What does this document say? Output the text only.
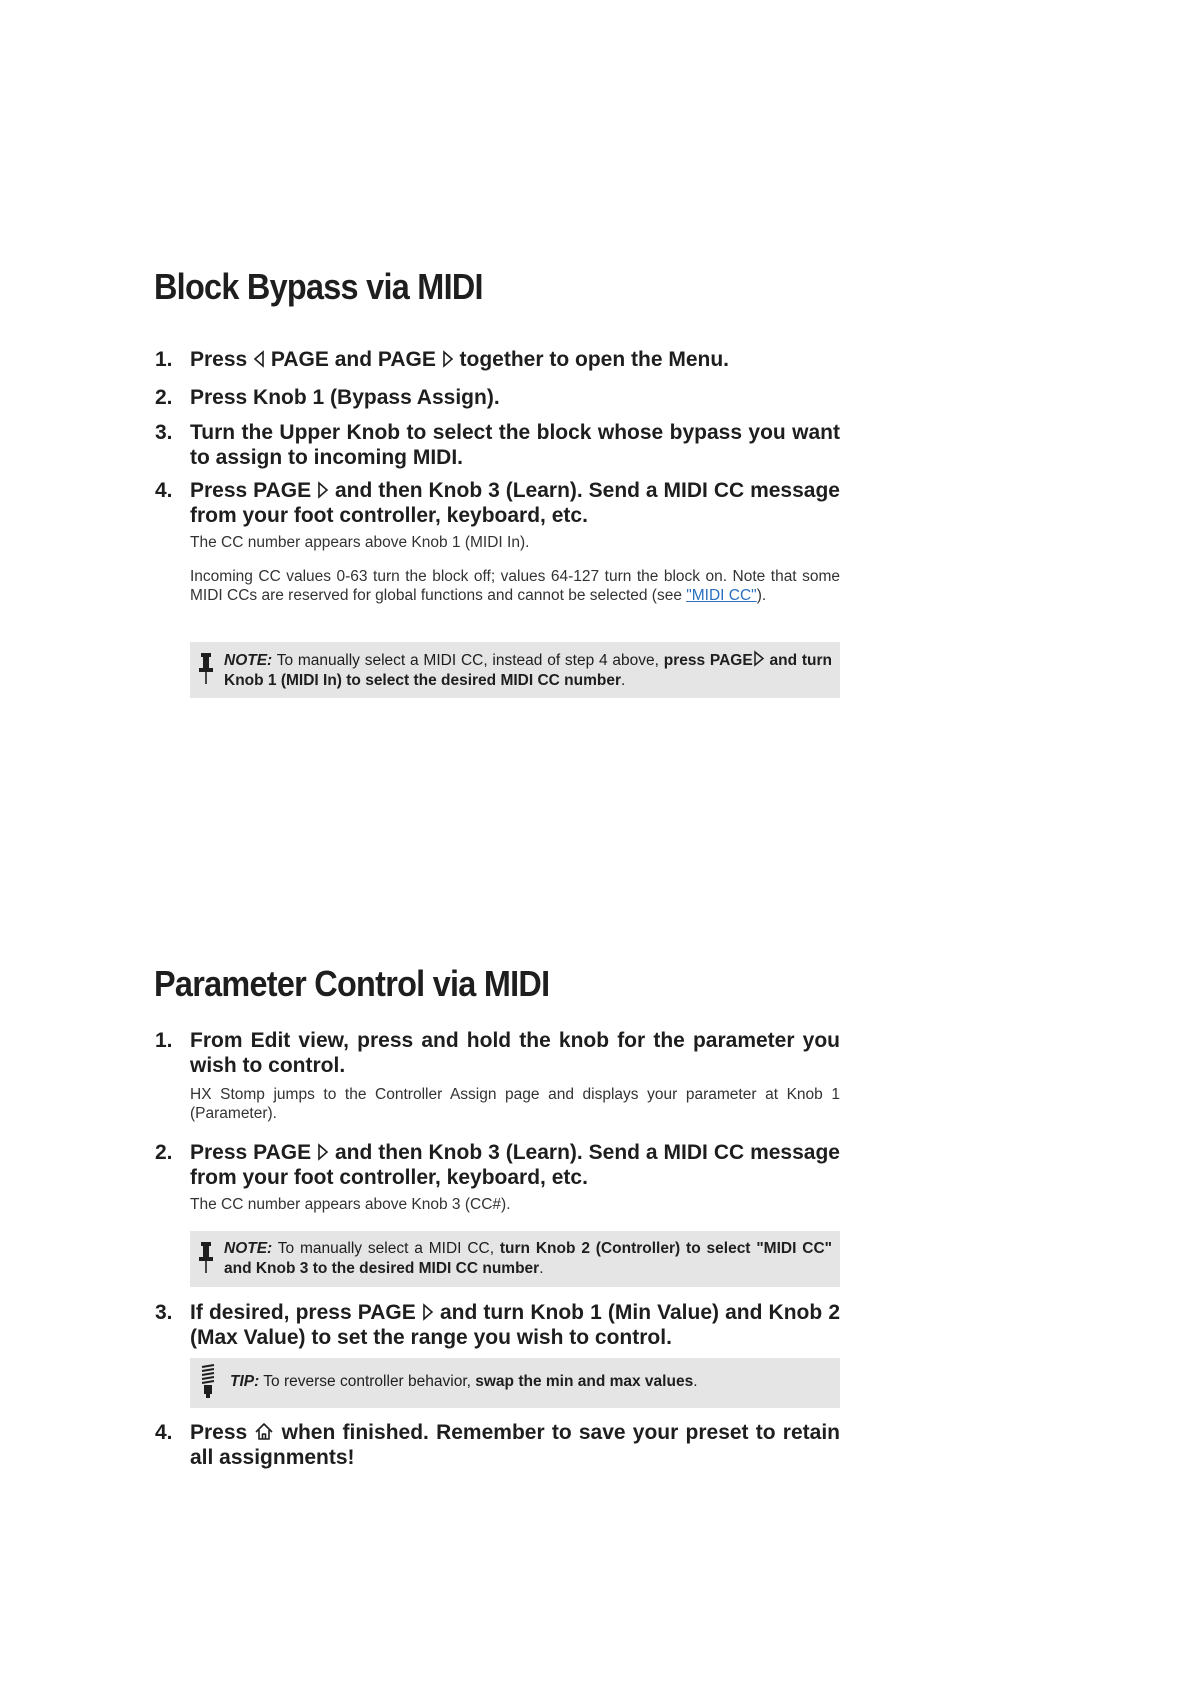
Block Bypass via MIDI
1. Press  PAGE and PAGE  together to open the Menu.
2. Press Knob 1 (Bypass Assign).
3. Turn the Upper Knob to select the block whose bypass you want to assign to incoming MIDI.
4. Press PAGE  and then Knob 3 (Learn). Send a MIDI CC message from your foot controller, keyboard, etc.
The CC number appears above Knob 1 (MIDI In).
Incoming CC values 0-63 turn the block off; values 64-127 turn the block on. Note that some MIDI CCs are reserved for global functions and cannot be selected (see "MIDI CC").
NOTE: To manually select a MIDI CC, instead of step 4 above, press PAGE and turn Knob 1 (MIDI In) to select the desired MIDI CC number.
Parameter Control via MIDI
1. From Edit view, press and hold the knob for the parameter you wish to control.
HX Stomp jumps to the Controller Assign page and displays your parameter at Knob 1 (Parameter).
2. Press PAGE  and then Knob 3 (Learn). Send a MIDI CC message from your foot controller, keyboard, etc.
The CC number appears above Knob 3 (CC#).
NOTE: To manually select a MIDI CC, turn Knob 2 (Controller) to select "MIDI CC" and Knob 3 to the desired MIDI CC number.
3. If desired, press PAGE  and turn Knob 1 (Min Value) and Knob 2 (Max Value) to set the range you wish to control.
TIP: To reverse controller behavior, swap the min and max values.
4. Press  when finished. Remember to save your preset to retain all assignments!
